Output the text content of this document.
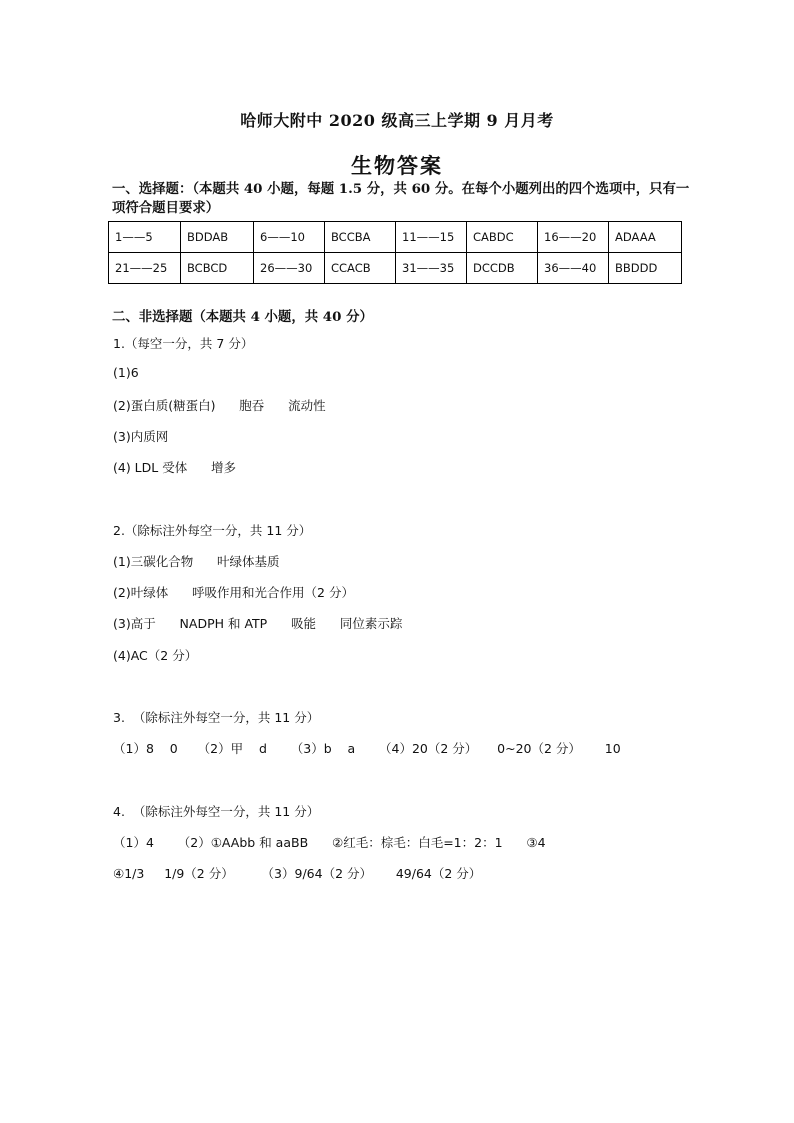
哈师大附中 2020 级高三上学期 9 月月考
生物答案
一、选择题：（本题共 40 小题，每题 1.5 分，共 60 分。在每个小题列出的四个选项中，只有一
项符合题目要求）
1——5	BDDAB	6——10	BCCBA	11——15	CABDC	16——20	ADAAA
21——25	BCBCD	26——30	CCACB	31——35	DCCDB	36——40	BBDDD
二、非选择题（本题共 4 小题，共 40 分）
1.（每空一分，共 7 分）
(1)6
(2)蛋白质(糖蛋白)      胞吞      流动性
(3)内质网
(4) LDL 受体      增多
2.（除标注外每空一分，共 11 分）
(1)三碳化合物      叶绿体基质
(2)叶绿体      呼吸作用和光合作用（2 分）
(3)高于      NADPH 和 ATP      吸能      同位素示踪
(4)AC（2 分）
3.  （除标注外每空一分，共 11 分）
（1）8    0     （2）甲    d      （3）b    a      （4）20（2 分）     0~20（2 分）      10
4.  （除标注外每空一分，共 11 分）
（1）4      （2）①AAbb 和 aaBB      ②红毛：棕毛：白毛=1：2：1      ③4
④1/3     1/9（2 分）       （3）9/64（2 分）      49/64（2 分）
